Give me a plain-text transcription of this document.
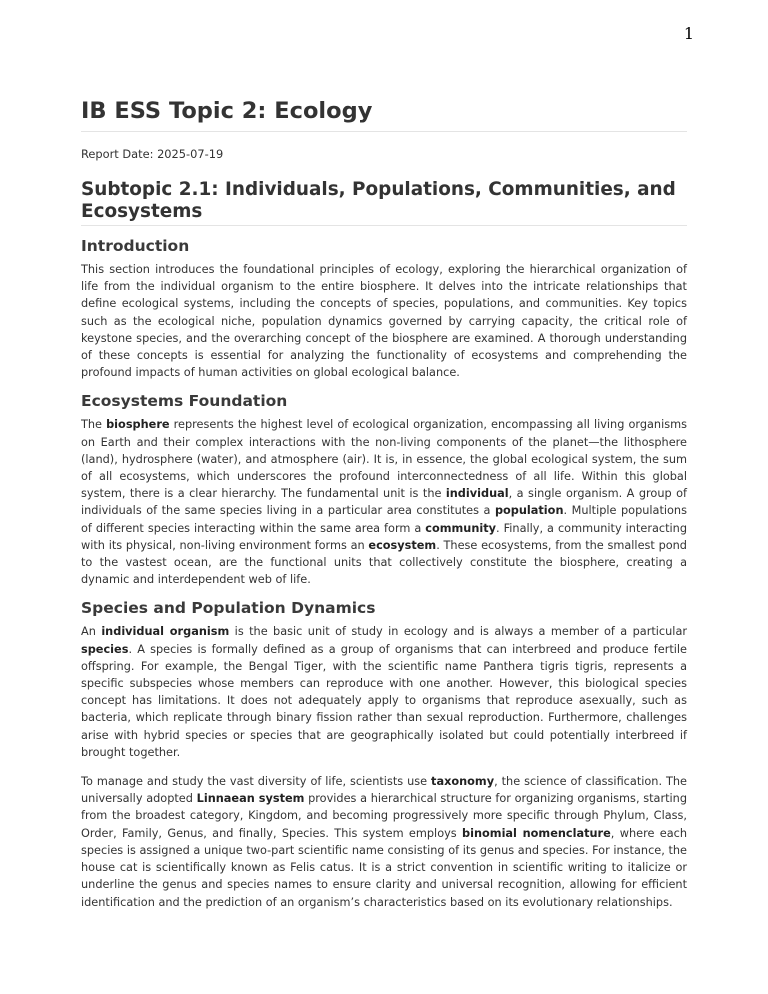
1
IB ESS Topic 2: Ecology

Report Date: 2025-07-19

Subtopic 2.1: Individuals, Populations, Communities, and Ecosystems
Introduction

This section introduces the foundational principles of ecology, exploring the hierarchical organization of life from the individual organism to the entire biosphere. It delves into the intricate relationships that define ecological systems, including the concepts of species, populations, and communities. Key topics such as the ecological niche, population dynamics governed by carrying capacity, the critical role of keystone species, and the overarching concept of the biosphere are examined. A thorough understanding of these concepts is essential for analyzing the functionality of ecosystems and comprehending the profound impacts of human activities on global ecological balance.

Ecosystems Foundation

The biosphere represents the highest level of ecological organization, encompassing all living organisms on Earth and their complex interactions with the non-living components of the planet—the lithosphere (land), hydrosphere (water), and atmosphere (air). It is, in essence, the global ecological system, the sum of all ecosystems, which underscores the profound interconnectedness of all life. Within this global system, there is a clear hierarchy. The fundamental unit is the individual, a single organism. A group of individuals of the same species living in a particular area constitutes a population. Multiple populations of different species interacting within the same area form a community. Finally, a community interacting with its physical, non-living environment forms an ecosystem. These ecosystems, from the smallest pond to the vastest ocean, are the functional units that collectively constitute the biosphere, creating a dynamic and interdependent web of life.

Species and Population Dynamics

An individual organism is the basic unit of study in ecology and is always a member of a particular species. A species is formally defined as a group of organisms that can interbreed and produce fertile offspring. For example, the Bengal Tiger, with the scientific name Panthera tigris tigris, represents a specific subspecies whose members can reproduce with one another. However, this biological species concept has limitations. It does not adequately apply to organisms that reproduce asexually, such as bacteria, which replicate through binary fission rather than sexual reproduction. Furthermore, challenges arise with hybrid species or species that are geographically isolated but could potentially interbreed if brought together.

To manage and study the vast diversity of life, scientists use taxonomy, the science of classification. The universally adopted Linnaean system provides a hierarchical structure for organizing organisms, starting from the broadest category, Kingdom, and becoming progressively more specific through Phylum, Class, Order, Family, Genus, and finally, Species. This system employs binomial nomenclature, where each species is assigned a unique two-part scientific name consisting of its genus and species. For instance, the house cat is scientifically known as Felis catus. It is a strict convention in scientific writing to italicize or underline the genus and species names to ensure clarity and universal recognition, allowing for efficient identification and the prediction of an organism’s characteristics based on its evolutionary relationships.
